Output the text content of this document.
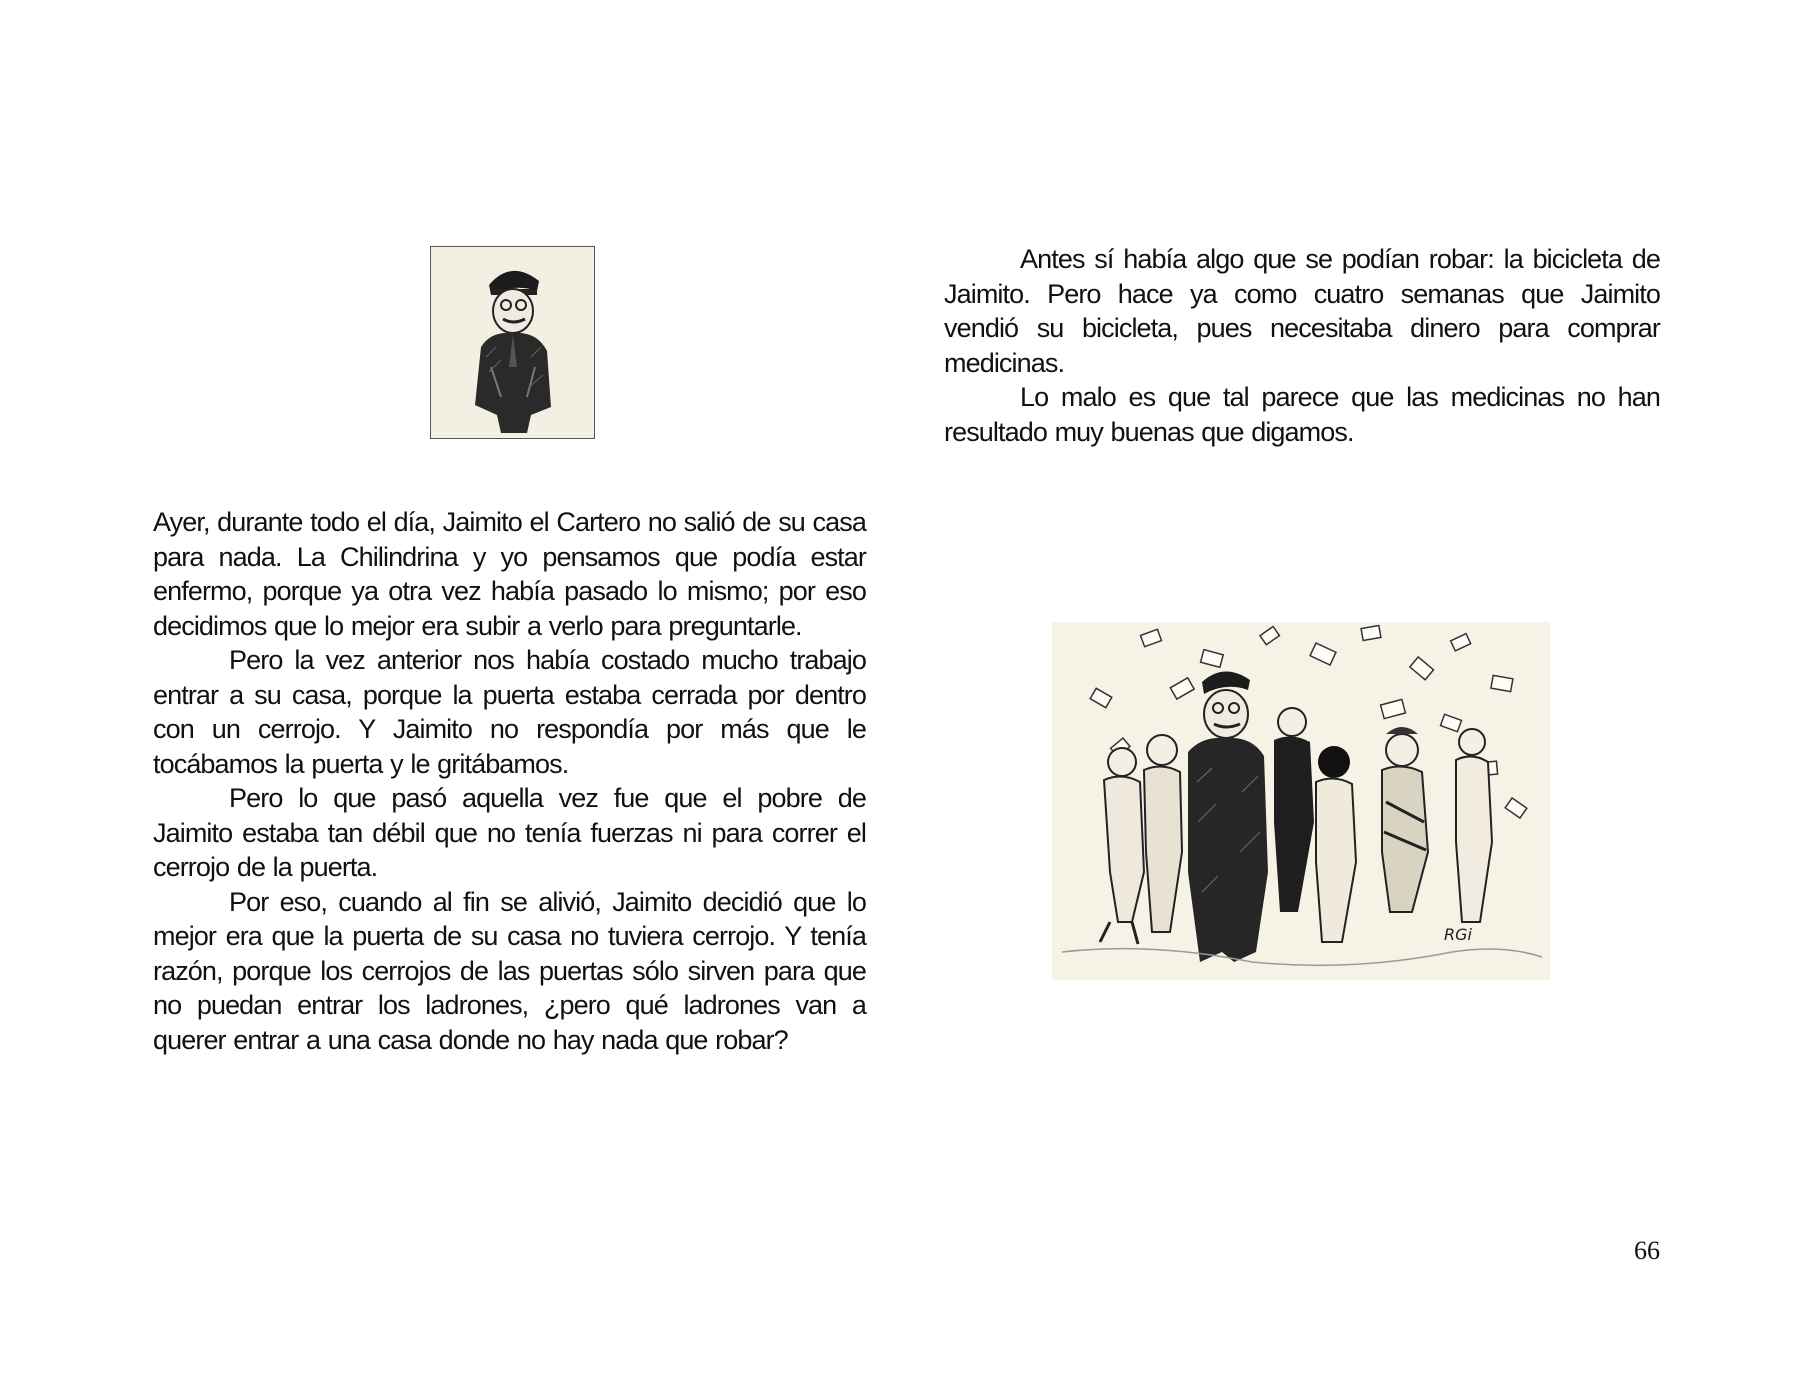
Ayer, durante todo el día, Jaimito el Cartero no salió de su casa para nada. La Chilindrina y yo pensamos que podía estar enfermo, porque ya otra vez había pasado lo mismo; por eso decidimos que lo mejor era subir a verlo para preguntarle.

Pero la vez anterior nos había costado mucho trabajo entrar a su casa, porque la puerta estaba cerrada por dentro con un cerrojo. Y Jaimito no respondía por más que le tocábamos la puerta y le gritábamos.

Pero lo que pasó aquella vez fue que el pobre de Jaimito estaba tan débil que no tenía fuerzas ni para correr el cerrojo de la puerta.

Por eso, cuando al fin se alivió, Jaimito decidió que lo mejor era que la puerta de su casa no tuviera cerrojo. Y tenía razón, porque los cerrojos de las puertas sólo sirven para que no puedan entrar los ladrones, ¿pero qué ladrones van a querer entrar a una casa donde no hay nada que robar?

Antes sí había algo que se podían robar: la bicicleta de Jaimito. Pero hace ya como cuatro semanas que Jaimito vendió su bicicleta, pues necesitaba dinero para comprar medicinas.

Lo malo es que tal parece que las medicinas no han resultado muy buenas que digamos.

RGi
66
